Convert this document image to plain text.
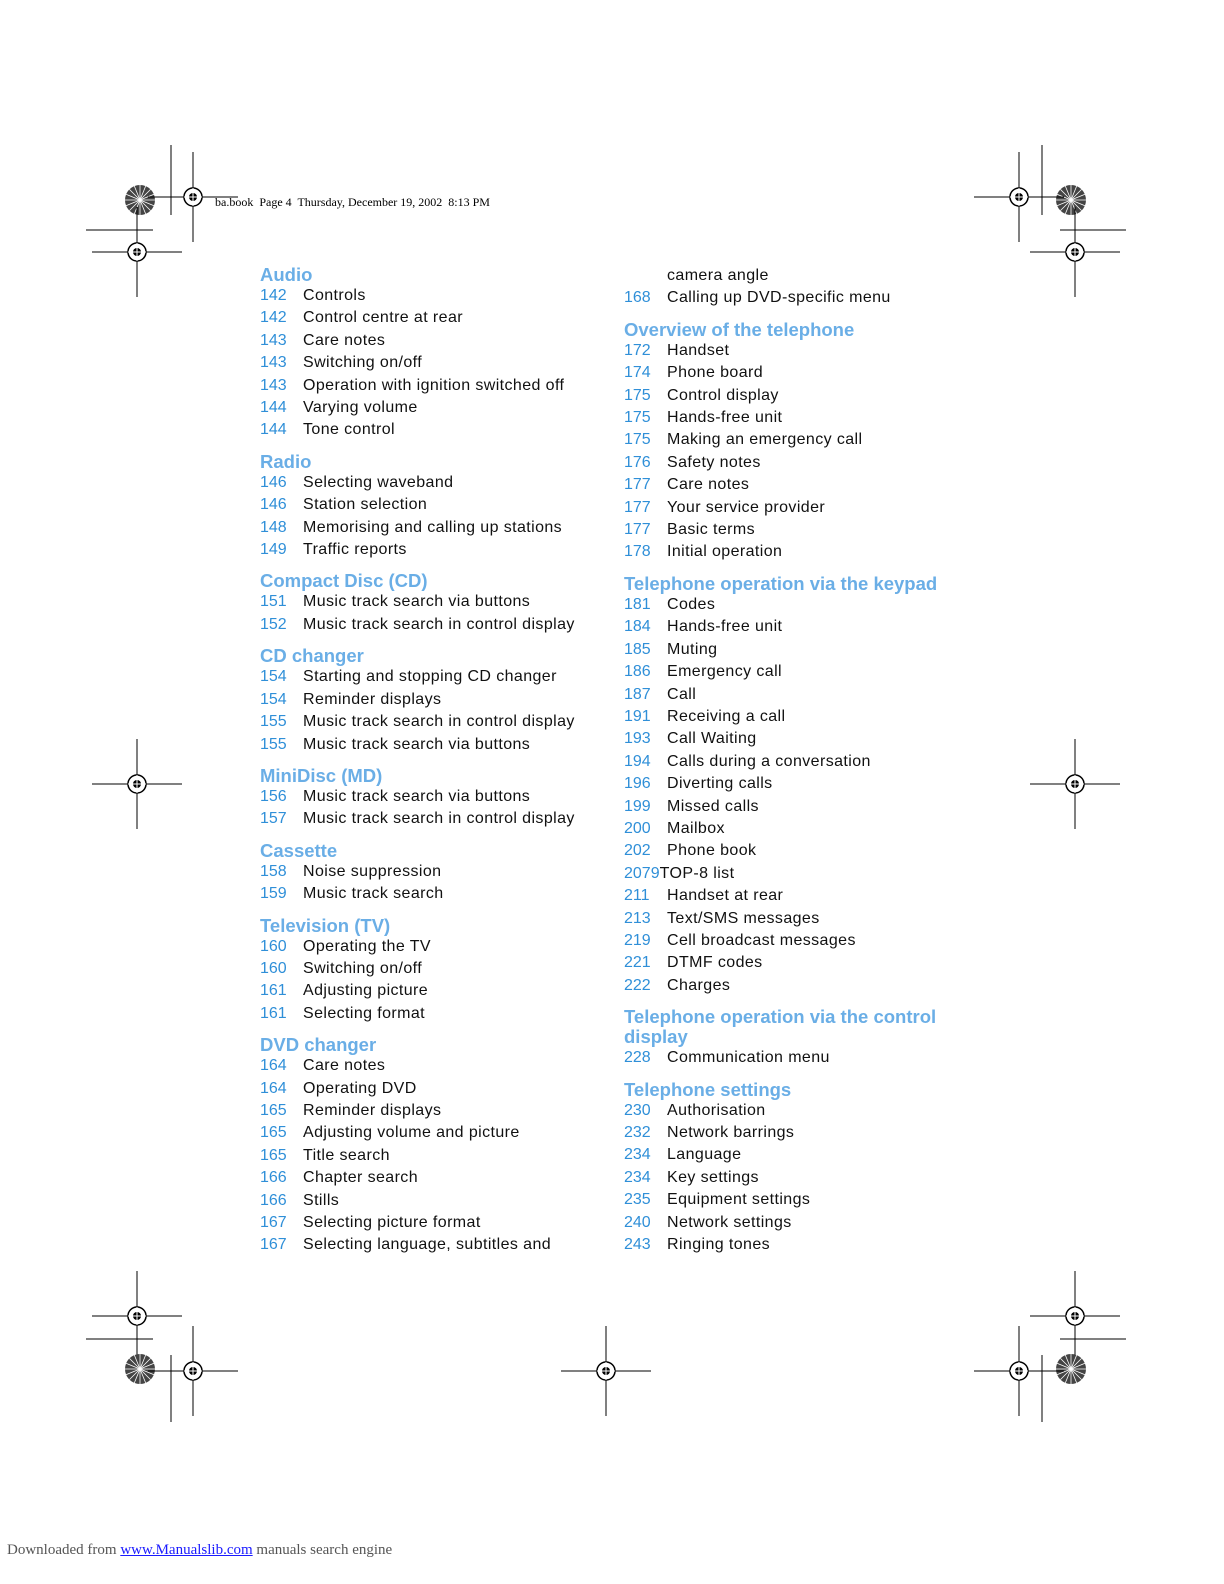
ba.book Page 4 Thursday, December 19, 2002  8:13 PM
Audio
142 Controls
142 Control centre at rear
143 Care notes
143 Switching on/off
143 Operation with ignition switched off
144 Varying volume
144 Tone control
Radio
146 Selecting waveband
146 Station selection
148 Memorising and calling up stations
149 Traffic reports
Compact Disc (CD)
151 Music track search via buttons
152 Music track search in control display
CD changer
154 Starting and stopping CD changer
154 Reminder displays
155 Music track search in control display
155 Music track search via buttons
MiniDisc (MD)
156 Music track search via buttons
157 Music track search in control display
Cassette
158 Noise suppression
159 Music track search
Television (TV)
160 Operating the TV
160 Switching on/off
161 Adjusting picture
161 Selecting format
DVD changer
164 Care notes
164 Operating DVD
165 Reminder displays
165 Adjusting volume and picture
165 Title search
166 Chapter search
166 Stills
167 Selecting picture format
167 Selecting language, subtitles and
camera angle
168 Calling up DVD-specific menu
Overview of the telephone
172 Handset
174 Phone board
175 Control display
175 Hands-free unit
175 Making an emergency call
176 Safety notes
177 Care notes
177 Your service provider
177 Basic terms
178 Initial operation
Telephone operation via the keypad
181 Codes
184 Hands-free unit
185 Muting
186 Emergency call
187 Call
191 Receiving a call
193 Call Waiting
194 Calls during a conversation
196 Diverting calls
199 Missed calls
200 Mailbox
202 Phone book
2079TOP-8 list
211 Handset at rear
213 Text/SMS messages
219 Cell broadcast messages
221 DTMF codes
222 Charges
Telephone operation via the control display
228 Communication menu
Telephone settings
230 Authorisation
232 Network barrings
234 Language
234 Key settings
235 Equipment settings
240 Network settings
243 Ringing tones
Downloaded from www.Manualslib.com manuals search engine
